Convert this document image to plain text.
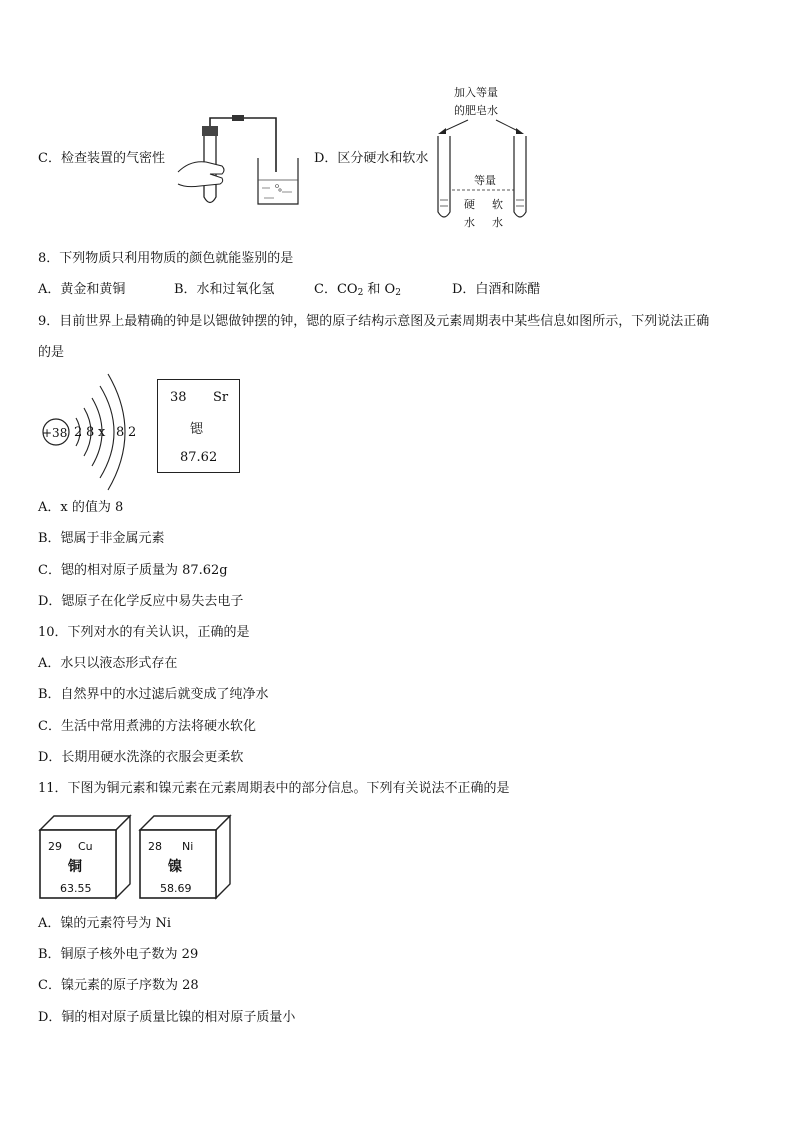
C．检查装置的气密性	D．区分硬水和软水
加入等量
的肥皂水
等量
硬
水
软
水
8．下列物质只利用物质的颜色就能鉴别的是
A．黄金和黄铜	B．水和过氧化氢	C．$CO_2$ 和 $O_2$	D．白酒和陈醋
9．目前世界上最精确的钟是以锶做钟摆的钟，锶的原子结构示意图及元素周期表中某些信息如图所示，下列说法正确
的是
+38 2 8 x 8 2
38 Sr
锶
87.62
A．x 的值为 8
B．锶属于非金属元素
C．锶的相对原子质量为 87.62g
D．锶原子在化学反应中易失去电子
10．下列对水的有关认识，正确的是
A．水只以液态形式存在
B．自然界中的水过滤后就变成了纯净水
C．生活中常用煮沸的方法将硬水软化
D．长期用硬水洗涤的衣服会更柔软
11．下图为铜元素和镍元素在元素周期表中的部分信息。下列有关说法不正确的是
29 Cu
铜
63.55
28 Ni
镍
58.69
A．镍的元素符号为 Ni
B．铜原子核外电子数为 29
C．镍元素的原子序数为 28
D．铜的相对原子质量比镍的相对原子质量小
